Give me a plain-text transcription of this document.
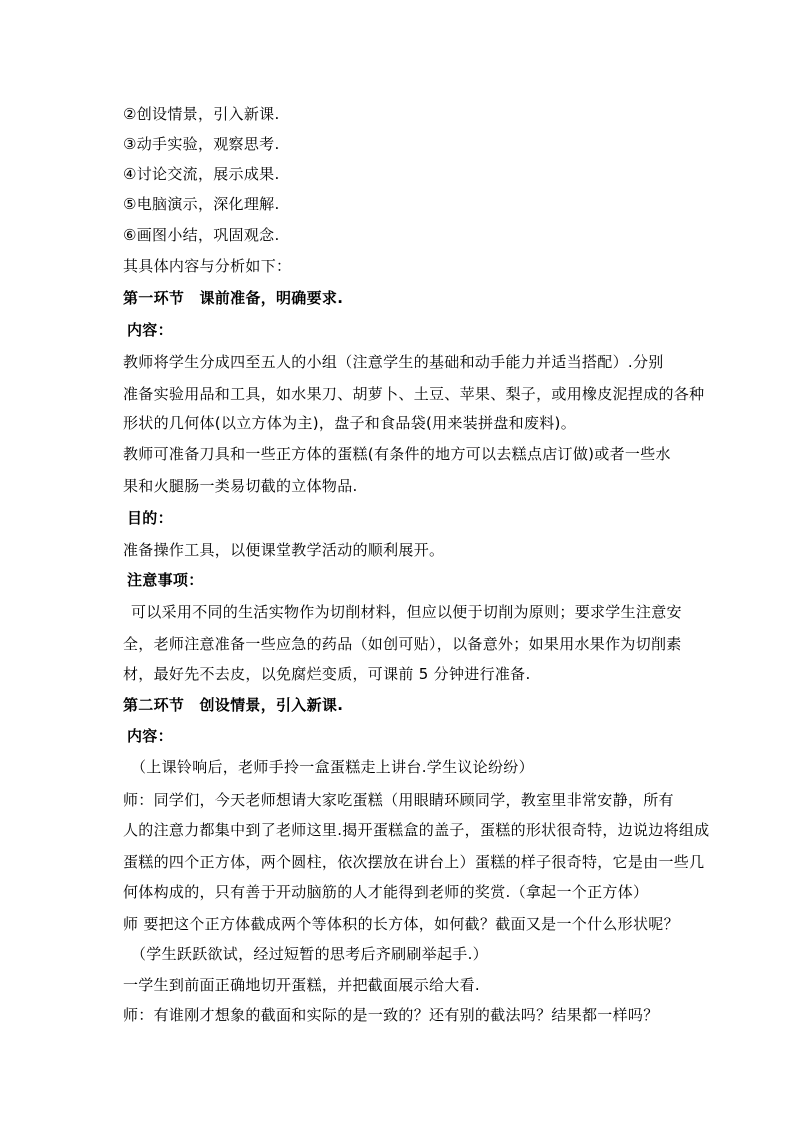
②创设情景，引入新课.
③动手实验，观察思考.
④讨论交流，展示成果.
⑤电脑演示，深化理解.
⑥画图小结，巩固观念.
其具体内容与分析如下：
第一环节　课前准备，明确要求.
内容：
教师将学生分成四至五人的小组（注意学生的基础和动手能力并适当搭配）.分别
准备实验用品和工具，如水果刀、胡萝卜、土豆、苹果、梨子，或用橡皮泥捏成的各种
形状的几何体(以立方体为主)，盘子和食品袋(用来装拼盘和废料)。
教师可准备刀具和一些正方体的蛋糕(有条件的地方可以去糕点店订做)或者一些水
果和火腿肠一类易切截的立体物品.
目的：
准备操作工具，以便课堂教学活动的顺利展开。
注意事项：
可以采用不同的生活实物作为切削材料，但应以便于切削为原则；要求学生注意安
全，老师注意准备一些应急的药品（如创可贴），以备意外；如果用水果作为切削素
材，最好先不去皮，以免腐烂变质，可课前 5 分钟进行准备.
第二环节　创设情景，引入新课.
内容：
（上课铃响后，老师手拎一盒蛋糕走上讲台.学生议论纷纷）
师：同学们，今天老师想请大家吃蛋糕（用眼睛环顾同学，教室里非常安静，所有
人的注意力都集中到了老师这里.揭开蛋糕盒的盖子，蛋糕的形状很奇特，边说边将组成
蛋糕的四个正方体，两个圆柱，依次摆放在讲台上）蛋糕的样子很奇特，它是由一些几
何体构成的，只有善于开动脑筋的人才能得到老师的奖赏.（拿起一个正方体）
师 要把这个正方体截成两个等体积的长方体，如何截？截面又是一个什么形状呢？
（学生跃跃欲试，经过短暂的思考后齐刷刷举起手.）
一学生到前面正确地切开蛋糕，并把截面展示给大看.
师：有谁刚才想象的截面和实际的是一致的？还有别的截法吗？结果都一样吗？
